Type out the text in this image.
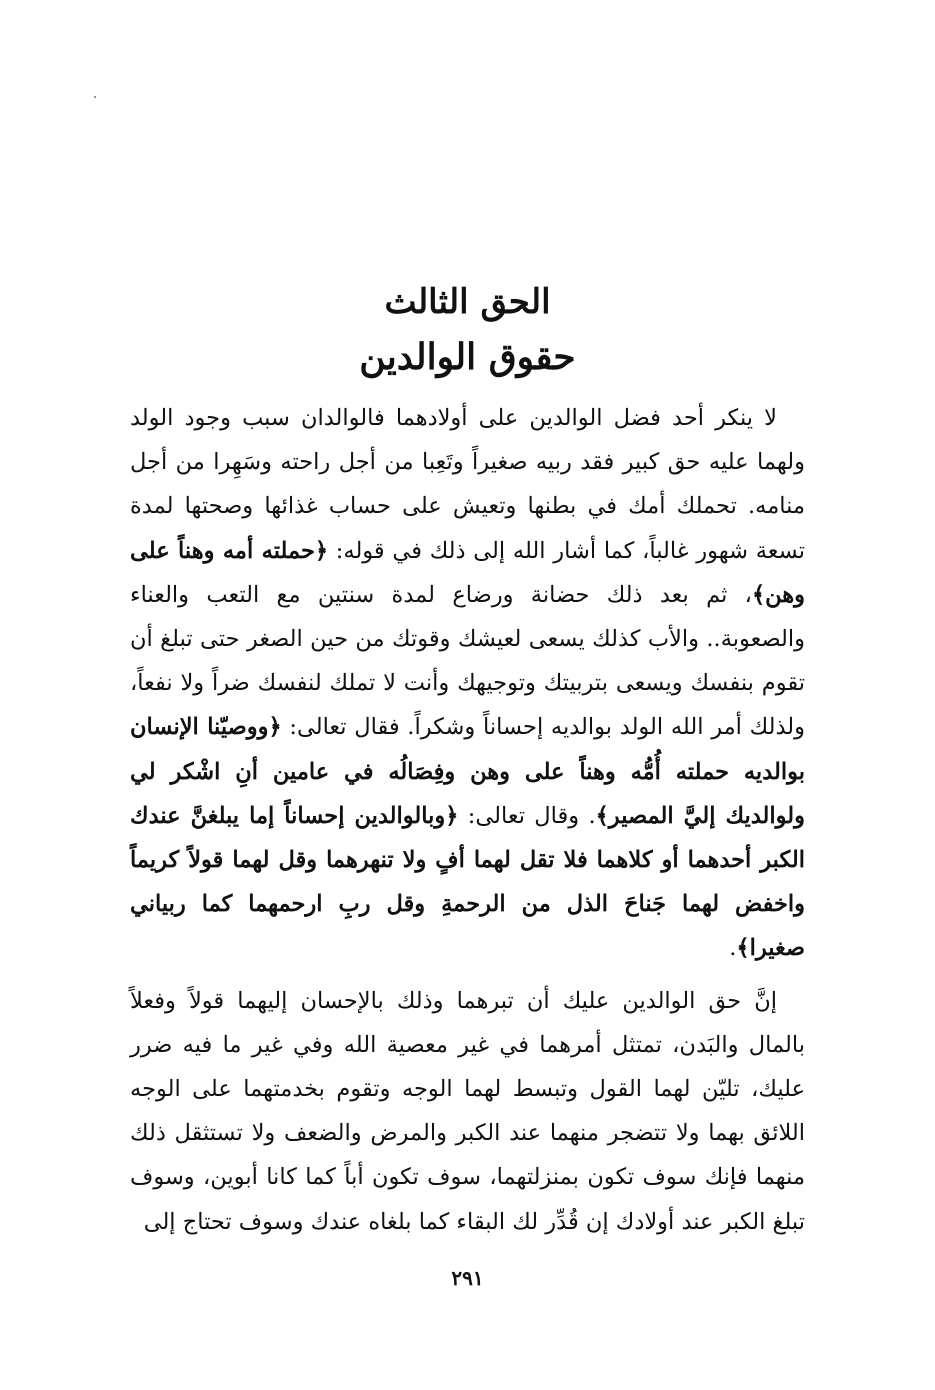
الحق الثالث
حقوق الوالدين

لا ينكر أحد فضل الوالدين على أولادهما فالوالدان سبب وجود الولد ولهما عليه حق كبير فقد ربيه صغيراً وتَعِبا من أجل راحته وسَهِرا من أجل منامه. تحملك أمك في بطنها وتعيش على حساب غذائها وصحتها لمدة تسعة شهور غالباً، كما أشار الله إلى ذلك في قوله: ﴿حملته أمه وهناً على وهن﴾، ثم بعد ذلك حضانة ورضاع لمدة سنتين مع التعب والعناء والصعوبة.. والأب كذلك يسعى لعيشك وقوتك من حين الصغر حتى تبلغ أن تقوم بنفسك ويسعى بتربيتك وتوجيهك وأنت لا تملك لنفسك ضراً ولا نفعاً، ولذلك أمر الله الولد بوالديه إحساناً وشكراً. فقال تعالى: ﴿ووصيّنا الإنسان بوالديه حملته أُمُّه وهناً على وهن وفِصَالُه في عامين أنِ اشْكر لي ولوالديك إليَّ المصير﴾. وقال تعالى: ﴿وبالوالدين إحساناً إما يبلغنَّ عندك الكبر أحدهما أو كلاهما فلا تقل لهما أفٍ ولا تنهرهما وقل لهما قولاً كريماً واخفض لهما جَناحَ الذل من الرحمةِ وقل ربِ ارحمهما كما ربياني صغيرا﴾.

إنَّ حق الوالدين عليك أن تبرهما وذلك بالإحسان إليهما قولاً وفعلاً بالمال والبَدن، تمتثل أمرهما في غير معصية الله وفي غير ما فيه ضرر عليك، تليّن لهما القول وتبسط لهما الوجه وتقوم بخدمتهما على الوجه اللائق بهما ولا تتضجر منهما عند الكبر والمرض والضعف ولا تستثقل ذلك منهما فإنك سوف تكون بمنزلتهما، سوف تكون أباً كما كانا أبوين، وسوف تبلغ الكبر عند أولادك إن قُدِّر لك البقاء كما بلغاه عندك وسوف تحتاج إلى

٢٩١
